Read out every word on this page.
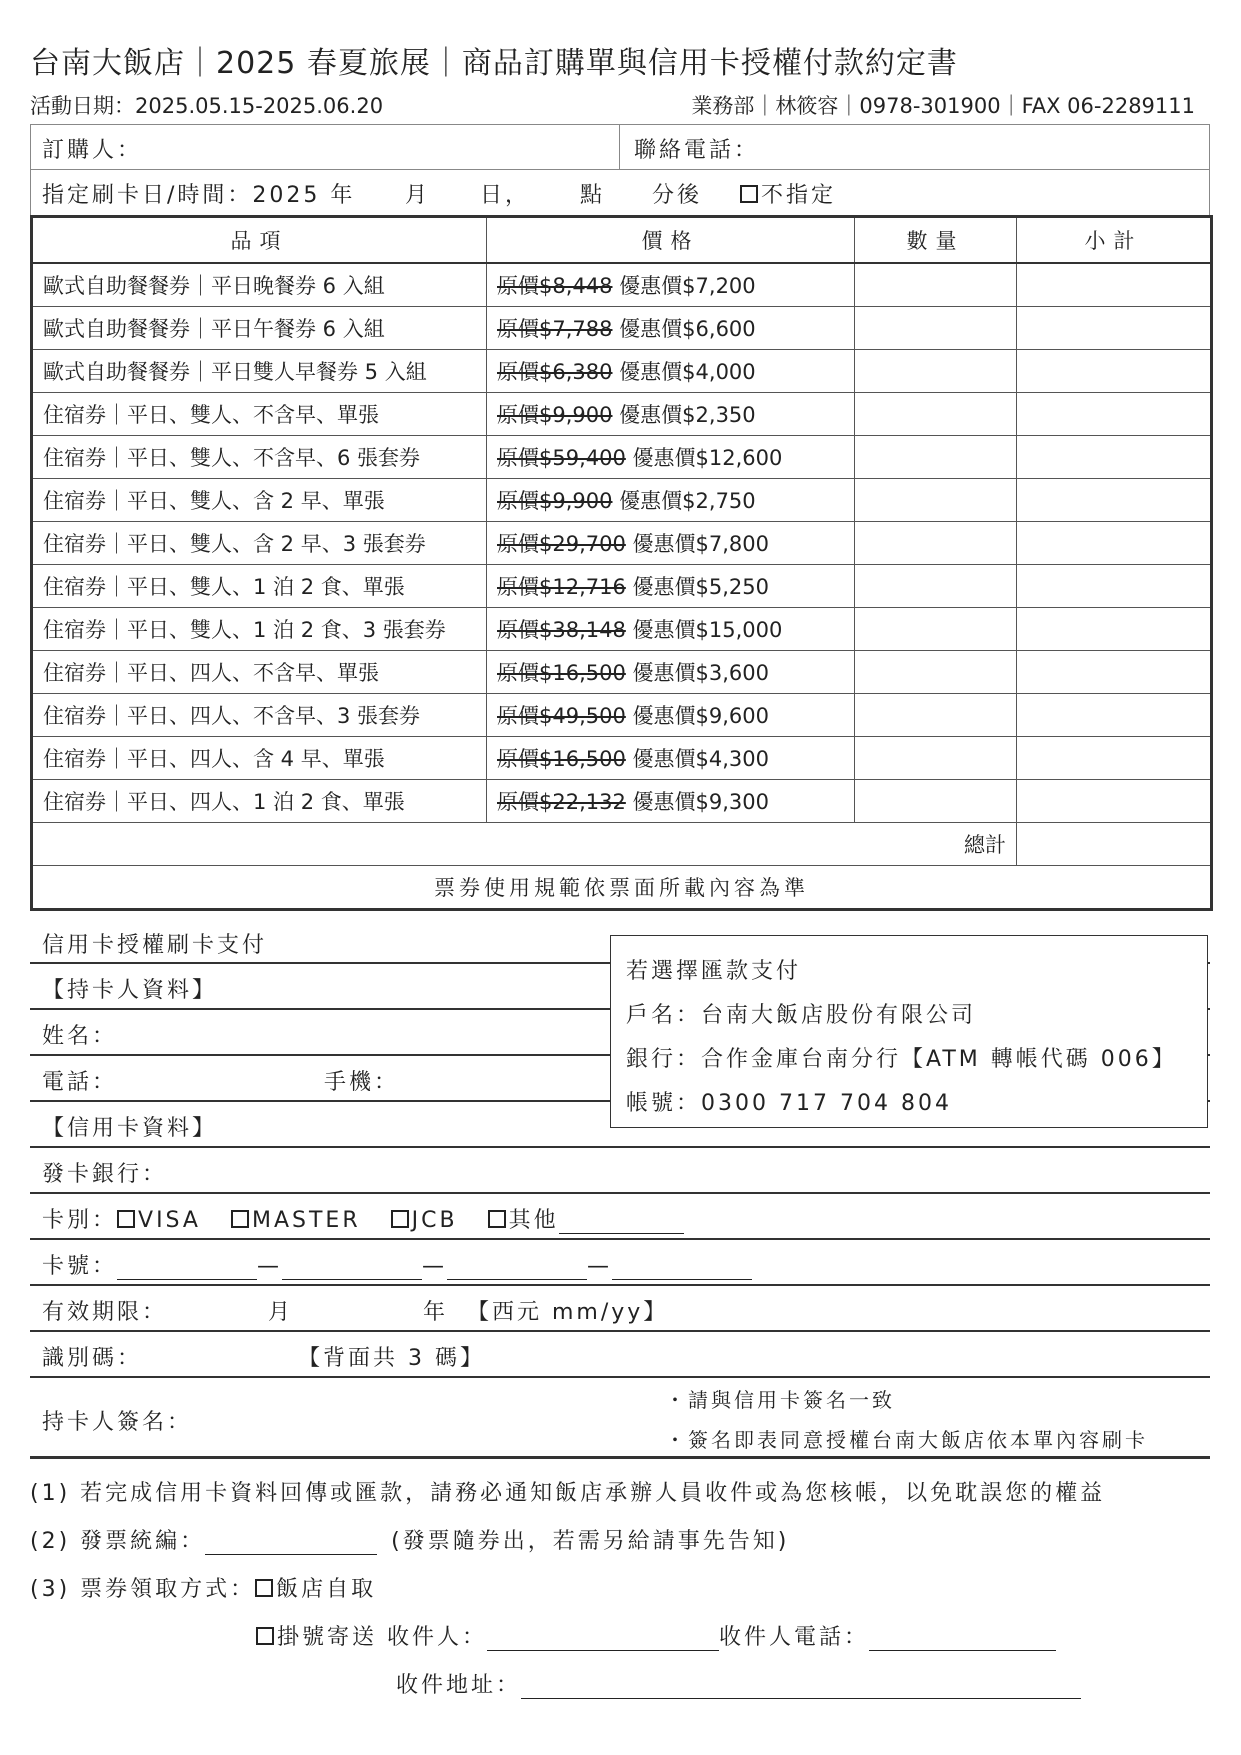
台南大飯店｜2025 春夏旅展｜商品訂購單與信用卡授權付款約定書
活動日期：2025.05.15-2025.06.20	業務部｜林筱容｜0978-301900｜FAX 06-2289111
訂購人：	聯絡電話：
指定刷卡日/時間：2025 年 月 日， 點 分後	不指定
品項	價格	數量	小計
歐式自助餐餐券｜平日晚餐券 6 入組	原價$8,448 優惠價$7,200		
歐式自助餐餐券｜平日午餐券 6 入組	原價$7,788 優惠價$6,600		
歐式自助餐餐券｜平日雙人早餐券 5 入組	原價$6,380 優惠價$4,000		
住宿券｜平日、雙人、不含早、單張	原價$9,900 優惠價$2,350		
住宿券｜平日、雙人、不含早、6 張套券	原價$59,400 優惠價$12,600		
住宿券｜平日、雙人、含 2 早、單張	原價$9,900 優惠價$2,750		
住宿券｜平日、雙人、含 2 早、3 張套券	原價$29,700 優惠價$7,800		
住宿券｜平日、雙人、1 泊 2 食、單張	原價$12,716 優惠價$5,250		
住宿券｜平日、雙人、1 泊 2 食、3 張套券	原價$38,148 優惠價$15,000		
住宿券｜平日、四人、不含早、單張	原價$16,500 優惠價$3,600		
住宿券｜平日、四人、不含早、3 張套券	原價$49,500 優惠價$9,600		
住宿券｜平日、四人、含 4 早、單張	原價$16,500 優惠價$4,300		
住宿券｜平日、四人、1 泊 2 食、單張	原價$22,132 優惠價$9,300		
總計			
票券使用規範依票面所載內容為準			
信用卡授權刷卡支付
【持卡人資料】
姓名：
電話：	手機：
【信用卡資料】
發卡銀行：
卡別： VISA MASTER JCB 其他
卡號：	—	—	—
有效期限：	月	年 【西元 mm/yy】
識別碼：	【背面共 3 碼】
持卡人簽名：
・請與信用卡簽名一致
・簽名即表同意授權台南大飯店依本單內容刷卡
若選擇匯款支付
戶名：台南大飯店股份有限公司
銀行：合作金庫台南分行【ATM 轉帳代碼 006】
帳號：0300 717 704 804
(1) 若完成信用卡資料回傳或匯款，請務必通知飯店承辦人員收件或為您核帳，以免耽誤您的權益
(2) 發票統編：	(發票隨券出，若需另給請事先告知)
(3) 票券領取方式： 飯店自取
掛號寄送 收件人：	收件人電話：
收件地址：
